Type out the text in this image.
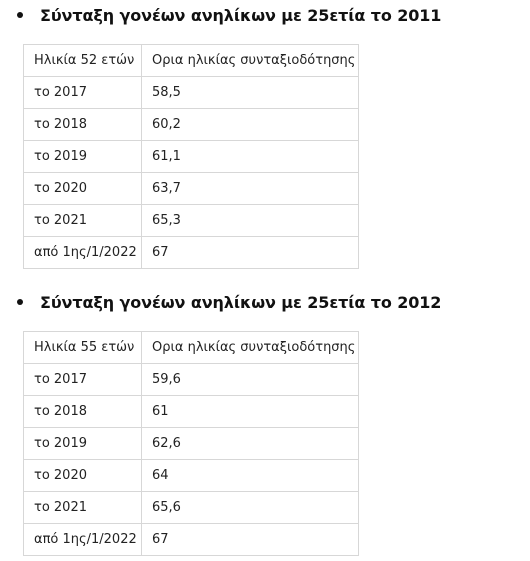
Σύνταξη γονέων ανηλίκων με 25ετία το 2011
Ηλικία 52 ετών	Ορια ηλικίας συνταξιοδότησης
το 2017	58,5
το 2018	60,2
το 2019	61,1
το 2020	63,7
το 2021	65,3
από 1ης/1/2022	67
Σύνταξη γονέων ανηλίκων με 25ετία το 2012
Ηλικία 55 ετών	Ορια ηλικίας συνταξιοδότησης
το 2017	59,6
το 2018	61
το 2019	62,6
το 2020	64
το 2021	65,6
από 1ης/1/2022	67
